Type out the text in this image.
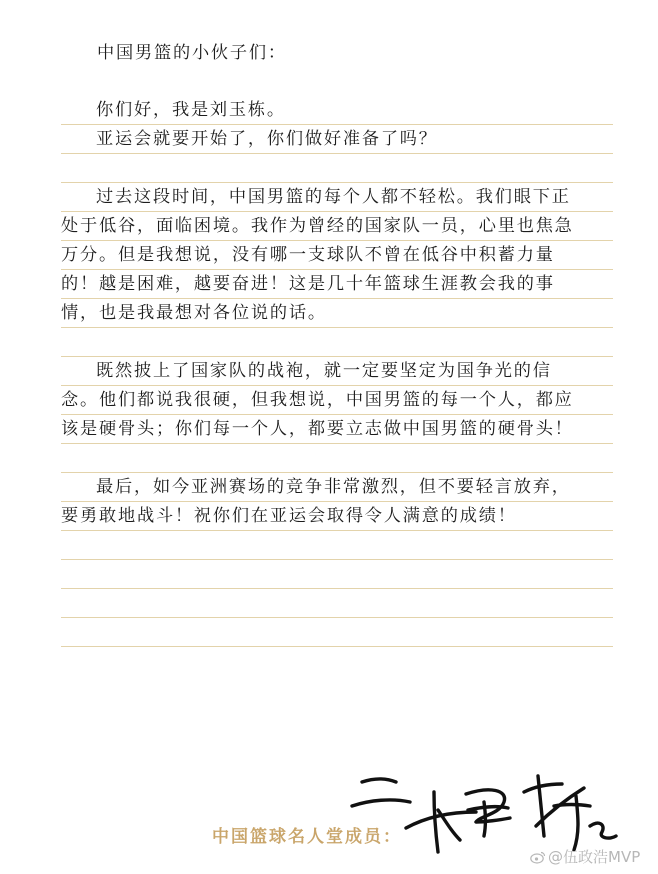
中国男篮的小伙子们：
你们好，我是刘玉栋。
亚运会就要开始了，你们做好准备了吗？
过去这段时间，中国男篮的每个人都不轻松。我们眼下正
处于低谷，面临困境。我作为曾经的国家队一员，心里也焦急
万分。但是我想说，没有哪一支球队不曾在低谷中积蓄力量
的！越是困难，越要奋进！这是几十年篮球生涯教会我的事
情，也是我最想对各位说的话。
既然披上了国家队的战袍，就一定要坚定为国争光的信
念。他们都说我很硬，但我想说，中国男篮的每一个人，都应
该是硬骨头；你们每一个人，都要立志做中国男篮的硬骨头！
最后，如今亚洲赛场的竞争非常激烈，但不要轻言放弃，
要勇敢地战斗！祝你们在亚运会取得令人满意的成绩！
中国篮球名人堂成员：
@伍政浩MVP
